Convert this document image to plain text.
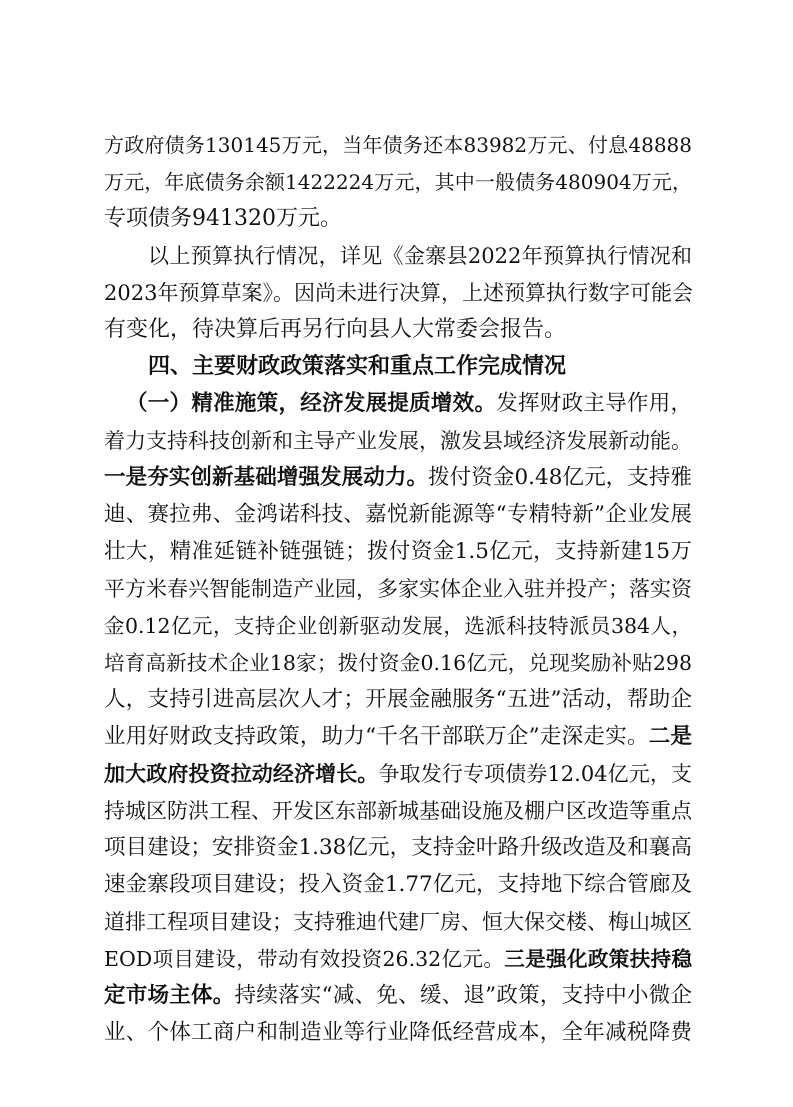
方政府债务130145万元，当年债务还本83982万元、付息48888
万元，年底债务余额1422224万元，其中一般债务480904万元，
专项债务941320万元。
以上预算执行情况，详见《金寨县2022年预算执行情况和
2023年预算草案》。因尚未进行决算，上述预算执行数字可能会
有变化，待决算后再另行向县人大常委会报告。
四、主要财政政策落实和重点工作完成情况
（一）精准施策，经济发展提质增效。发挥财政主导作用，
着力支持科技创新和主导产业发展，激发县域经济发展新动能。
一是夯实创新基础增强发展动力。拨付资金0.48亿元，支持雅
迪、赛拉弗、金鸿诺科技、嘉悦新能源等“专精特新”企业发展
壮大，精准延链补链强链；拨付资金1.5亿元，支持新建15万
平方米春兴智能制造产业园，多家实体企业入驻并投产；落实资
金0.12亿元，支持企业创新驱动发展，选派科技特派员384人，
培育高新技术企业18家；拨付资金0.16亿元，兑现奖励补贴298
人，支持引进高层次人才；开展金融服务“五进”活动，帮助企
业用好财政支持政策，助力“千名干部联万企”走深走实。二是
加大政府投资拉动经济增长。争取发行专项债券12.04亿元，支
持城区防洪工程、开发区东部新城基础设施及棚户区改造等重点
项目建设；安排资金1.38亿元，支持金叶路升级改造及和襄高
速金寨段项目建设；投入资金1.77亿元，支持地下综合管廊及
道排工程项目建设；支持雅迪代建厂房、恒大保交楼、梅山城区
EOD项目建设，带动有效投资26.32亿元。三是强化政策扶持稳
定市场主体。持续落实“减、免、缓、退”政策，支持中小微企
业、个体工商户和制造业等行业降低经营成本，全年减税降费
